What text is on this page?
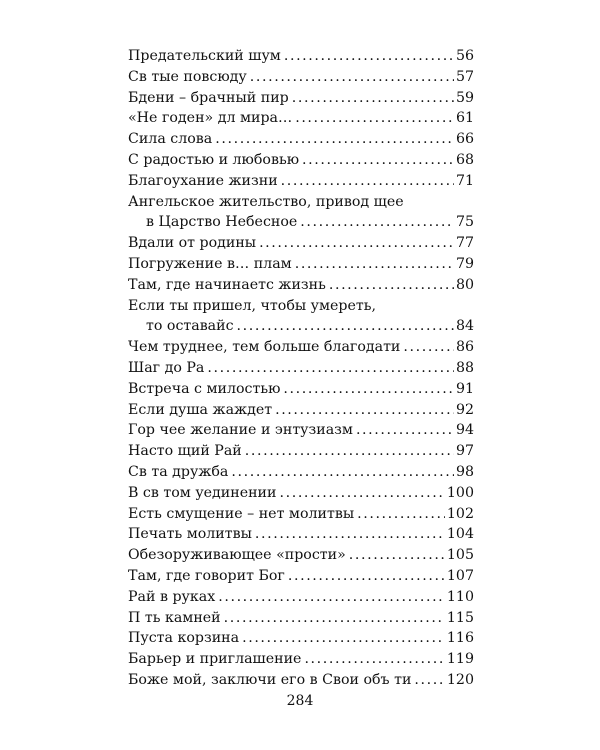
Предательский шум .....	56
Св тые повсюду .....	57
Бдени – брачный пир .....	59
«Не годен» дл мира… .....	61
Сила слова .....	66
С радостью и любовью .....	68
Благоухание жизни .....	71
Ангельское жительство, привод щее
в Царство Небесное .....	75
Вдали от родины .....	77
Погружение в… плам .....	79
Там, где начинаетс жизнь .....	80
Если ты пришел, чтобы умереть,
то оставайс .....	84
Чем труднее, тем больше благодати .....	86
Шаг до Ра .....	88
Встреча с милостью .....	91
Если душа жаждет .....	92
Гор чее желание и энтузиазм .....	94
Насто щий Рай .....	97
Св та дружба .....	98
В св том уединении .....	100
Есть смущение – нет молитвы .....	102
Печать молитвы .....	104
Обезоруживающее «прости» .....	105
Там, где говорит Бог .....	107
Рай в руках .....	110
П ть камней .....	115
Пуста корзина .....	116
Барьер и приглашение .....	119
Боже мой, заключи его в Свои объ ти .....	120
284
